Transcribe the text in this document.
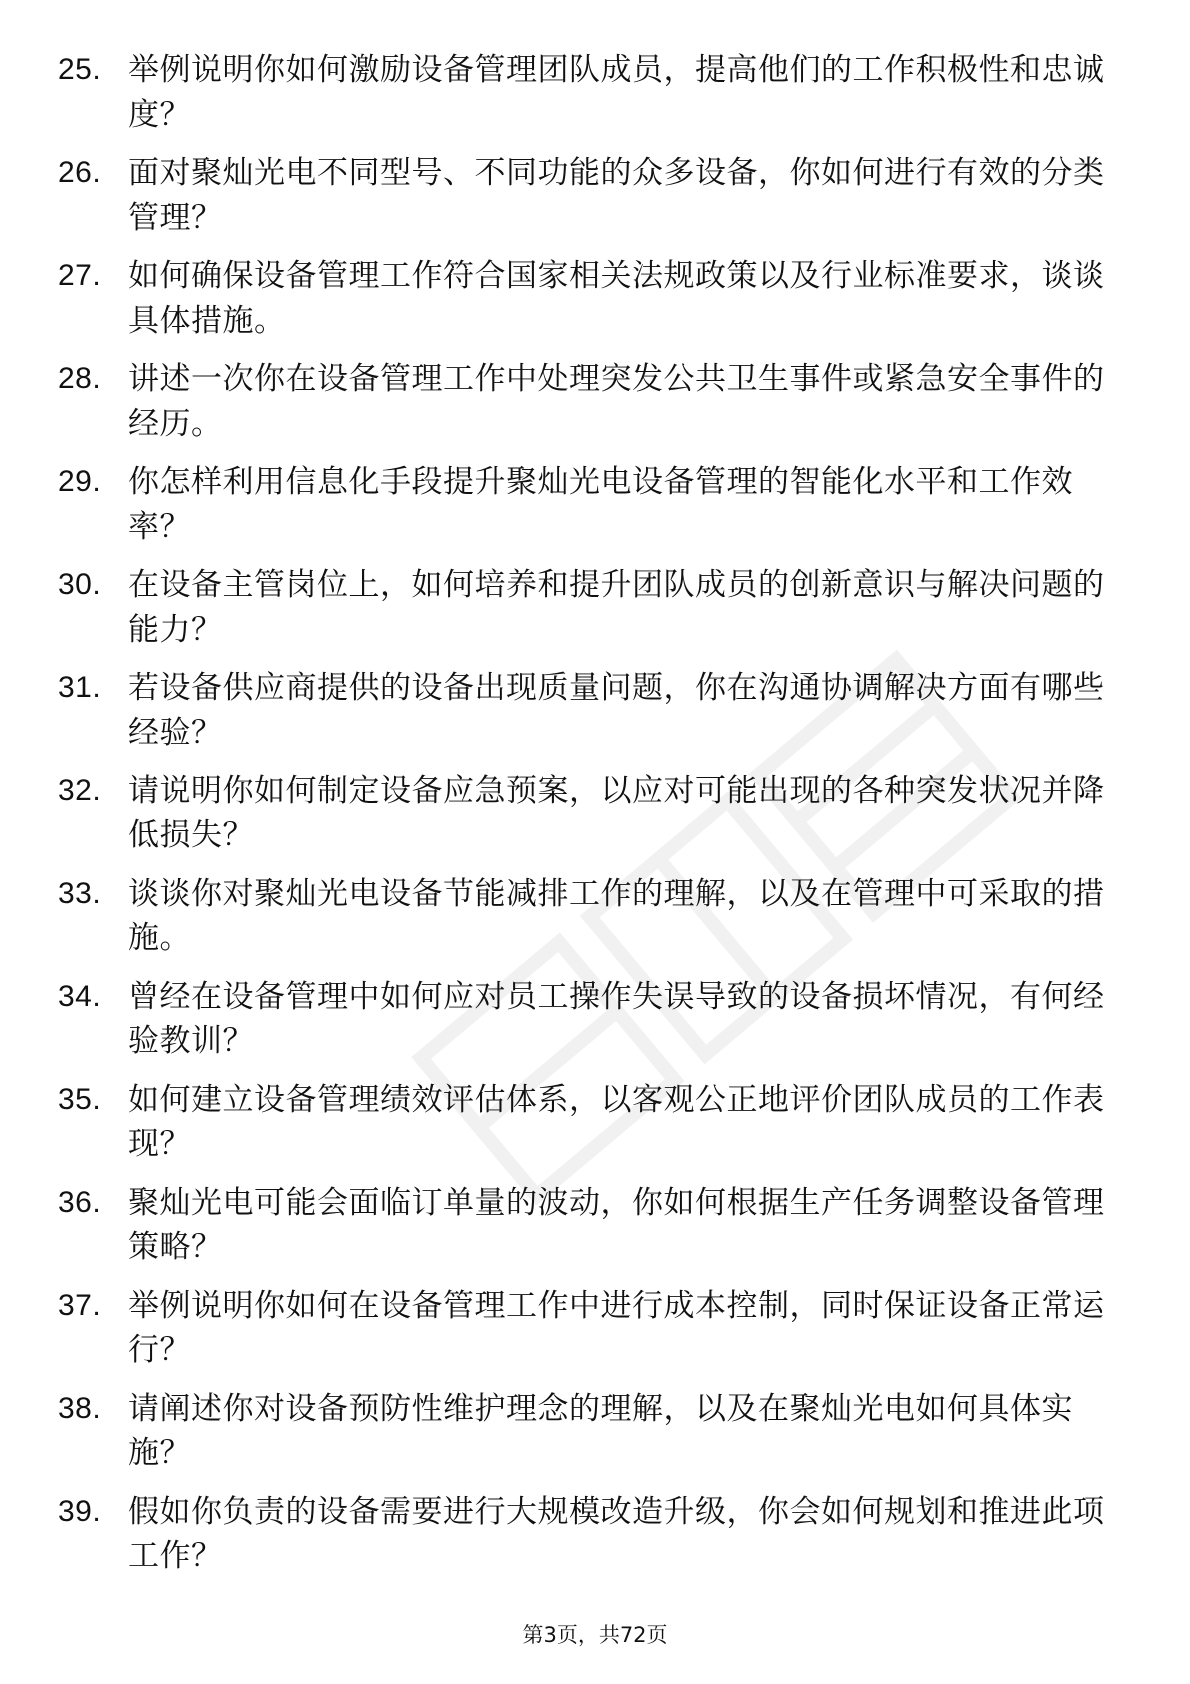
25. 举例说明你如何激励设备管理团队成员，提高他们的工作积极性和忠诚度？
26. 面对聚灿光电不同型号、不同功能的众多设备，你如何进行有效的分类管理？
27. 如何确保设备管理工作符合国家相关法规政策以及行业标准要求，谈谈具体措施。
28. 讲述一次你在设备管理工作中处理突发公共卫生事件或紧急安全事件的经历。
29. 你怎样利用信息化手段提升聚灿光电设备管理的智能化水平和工作效率？
30. 在设备主管岗位上，如何培养和提升团队成员的创新意识与解决问题的能力？
31. 若设备供应商提供的设备出现质量问题，你在沟通协调解决方面有哪些经验？
32. 请说明你如何制定设备应急预案，以应对可能出现的各种突发状况并降低损失？
33. 谈谈你对聚灿光电设备节能减排工作的理解，以及在管理中可采取的措施。
34. 曾经在设备管理中如何应对员工操作失误导致的设备损坏情况，有何经验教训？
35. 如何建立设备管理绩效评估体系，以客观公正地评价团队成员的工作表现？
36. 聚灿光电可能会面临订单量的波动，你如何根据生产任务调整设备管理策略？
37. 举例说明你如何在设备管理工作中进行成本控制，同时保证设备正常运行？
38. 请阐述你对设备预防性维护理念的理解，以及在聚灿光电如何具体实施？
39. 假如你负责的设备需要进行大规模改造升级，你会如何规划和推进此项工作？
第3页，共72页
